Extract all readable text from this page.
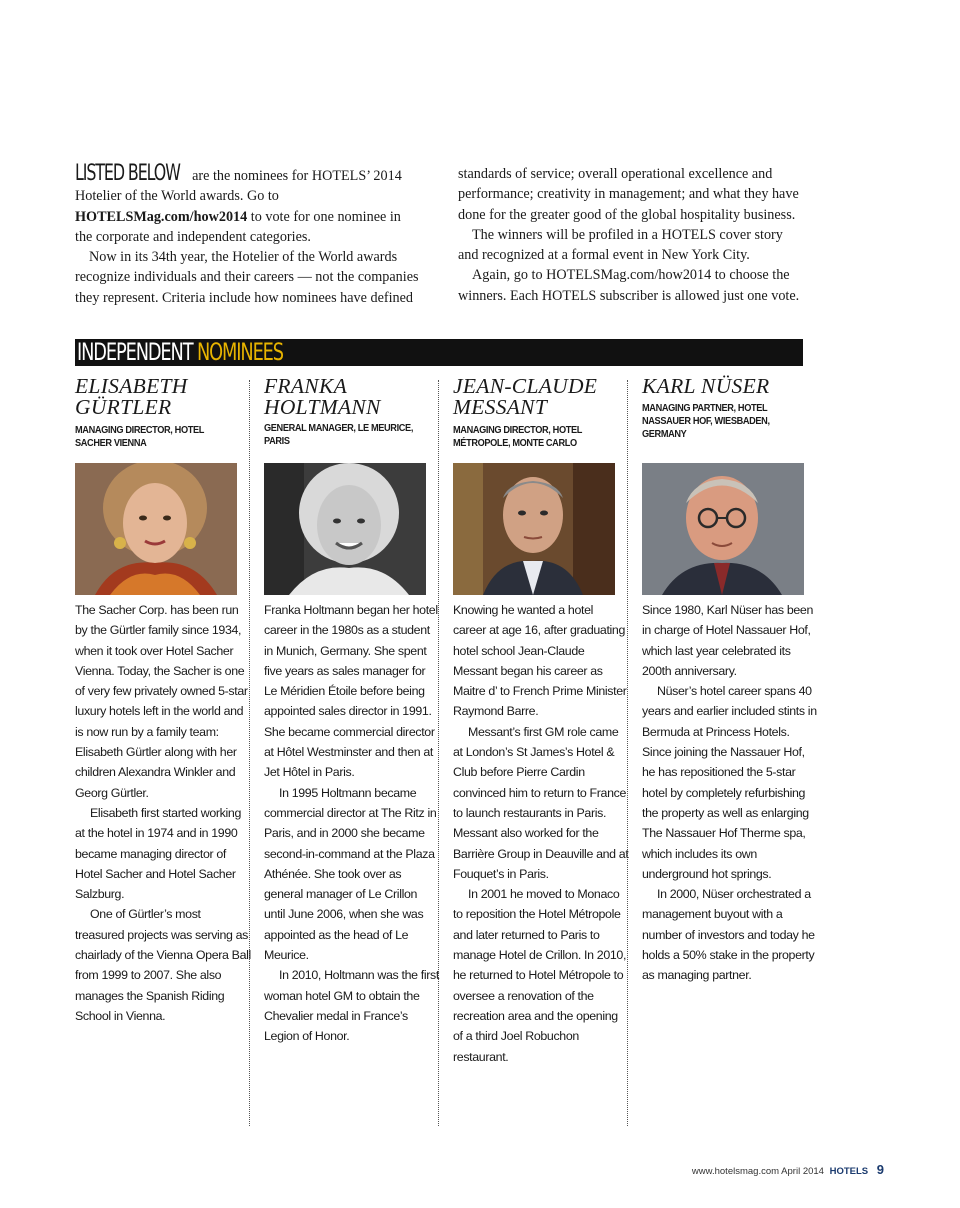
LISTED BELOW are the nominees for HOTELS’ 2014 Hotelier of the World awards. Go to HOTELSMag.com/how2014 to vote for one nominee in the corporate and independent categories.

Now in its 34th year, the Hotelier of the World awards recognize individuals and their careers — not the companies they represent. Criteria include how nominees have defined

standards of service; overall operational excellence and performance; creativity in management; and what they have done for the greater good of the global hospitality business.

The winners will be profiled in a HOTELS cover story and recognized at a formal event in New York City.

Again, go to HOTELSMag.com/how2014 to choose the winners. Each HOTELS subscriber is allowed just one vote.

INDEPENDENT NOMINEES
ELISABETH GÜRTLER
MANAGING DIRECTOR, HOTEL SACHER VIENNA

The Sacher Corp. has been run by the Gürtler family since 1934, when it took over Hotel Sacher Vienna. Today, the Sacher is one of very few privately owned 5-star luxury hotels left in the world and is now run by a family team: Elisabeth Gürtler along with her children Alexandra Winkler and Georg Gürtler.

Elisabeth first started working at the hotel in 1974 and in 1990 became managing director of Hotel Sacher and Hotel Sacher Salzburg.

One of Gürtler’s most treasured projects was serving as chairlady of the Vienna Opera Ball from 1999 to 2007. She also manages the Spanish Riding School in Vienna.

FRANKA HOLTMANN
GENERAL MANAGER, LE MEURICE, PARIS

Franka Holtmann began her hotel career in the 1980s as a student in Munich, Germany. She spent five years as sales manager for Le Méridien Étoile before being appointed sales director in 1991. She became commercial director at Hôtel Westminster and then at Jet Hôtel in Paris.

In 1995 Holtmann became commercial director at The Ritz in Paris, and in 2000 she became second-in-command at the Plaza Athénée. She took over as general manager of Le Crillon until June 2006, when she was appointed as the head of Le Meurice.

In 2010, Holtmann was the first woman hotel GM to obtain the Chevalier medal in France’s Legion of Honor.

JEAN-CLAUDE MESSANT
MANAGING DIRECTOR, HOTEL MÉTROPOLE, MONTE CARLO

Knowing he wanted a hotel career at age 16, after graduating hotel school Jean-Claude Messant began his career as Maitre d’ to French Prime Minister Raymond Barre.

Messant’s first GM role came at London’s St James’s Hotel & Club before Pierre Cardin convinced him to return to France to launch restaurants in Paris. Messant also worked for the Barrière Group in Deauville and at Fouquet’s in Paris.

In 2001 he moved to Monaco to reposition the Hotel Métropole and later returned to Paris to manage Hotel de Crillon. In 2010, he returned to Hotel Métropole to oversee a renovation of the recreation area and the opening of a third Joel Robuchon restaurant.

KARL NÜSER
MANAGING PARTNER, HOTEL NASSAUER HOF, WIESBADEN, GERMANY

Since 1980, Karl Nüser has been in charge of Hotel Nassauer Hof, which last year celebrated its 200th anniversary.

Nüser’s hotel career spans 40 years and earlier included stints in Bermuda at Princess Hotels. Since joining the Nassauer Hof, he has repositioned the 5-star hotel by completely refurbishing the property as well as enlarging The Nassauer Hof Therme spa, which includes its own underground hot springs.

In 2000, Nüser orchestrated a management buyout with a number of investors and today he holds a 50% stake in the property as managing partner.

www.hotelsmag.com April 2014 HOTELS 9
